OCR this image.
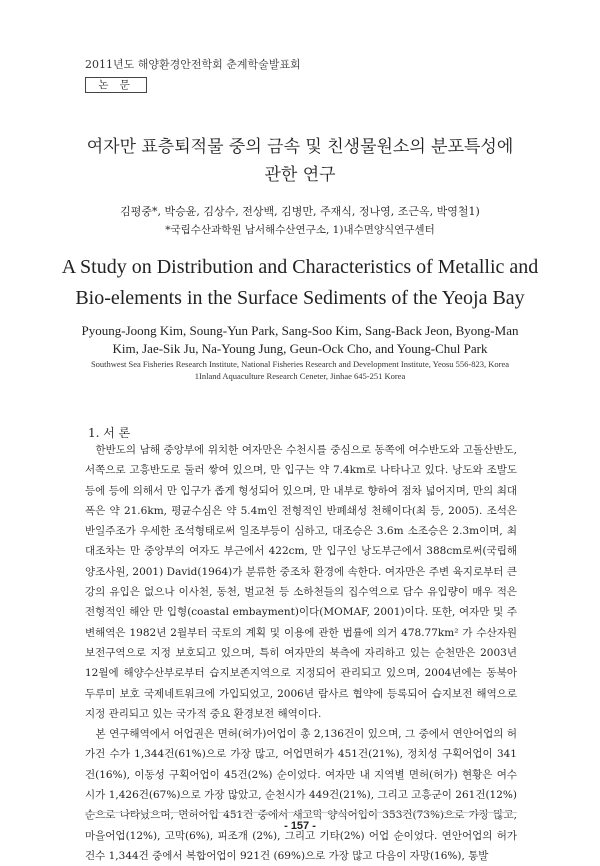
2011년도 해양환경안전학회 춘계학술발표회
논 문
여자만 표층퇴적물 중의 금속 및 친생물원소의 분포특성에
관한 연구
김평중*, 박승윤, 김상수, 전상백, 김병만, 주재식, 정나영, 조근옥, 박영철1)
*국립수산과학원 남서해수산연구소, 1)내수면양식연구센터
A Study on Distribution and Characteristics of Metallic and
Bio-elements in the Surface Sediments of the Yeoja Bay
Pyoung-Joong Kim, Soung-Yun Park, Sang-Soo Kim, Sang-Back Jeon, Byong-Man
Kim, Jae-Sik Ju, Na-Young Jung, Geun-Ock Cho, and Young-Chul Park
Southwest Sea Fisheries Research Institute, National Fisheries Research and Development Institute, Yeosu 556-823, Korea
1Inland Aquaculture Research Ceneter, Jinhae 645-251 Korea
1. 서 론

한반도의 남해 중앙부에 위치한 여자만은 수천시를 중심으로 동쪽에 여수반도와 고돌산반도, 서쪽으로 고흥반도로 둘러 쌓여 있으며, 만 입구는 약 7.4km로 나타나고 있다. 낭도와 조발도 등에 등에 의해서 만 입구가 좁게 형성되어 있으며, 만 내부로 향하여 점차 넓어지며, 만의 최대폭은 약 21.6km, 평균수심은 약 5.4m인 전형적인 반폐쇄성 천해이다(최 등, 2005). 조석은 반일주조가 우세한 조석형태로써 일조부등이 심하고, 대조승은 3.6m 소조승은 2.3m이며, 최대조차는 만 중앙부의 여자도 부근에서 422cm, 만 입구인 낭도부근에서 388cm로써(국립해양조사원, 2001) David(1964)가 분류한 중조차 환경에 속한다. 여자만은 주변 육지로부터 큰 강의 유입은 없으나 이사천, 동천, 벌교천 등 소하천들의 집수역으로 담수 유입량이 매우 적은 전형적인 해안 만 입형(coastal embayment)이다(MOMAF, 2001)이다. 또한, 여자만 및 주변해역은 1982년 2월부터 국토의 계획 및 이용에 관한 법률에 의거 478.77km² 가 수산자원보전구역으로 지정 보호되고 있으며, 특히 여자만의 북측에 자리하고 있는 순천만은 2003년 12월에 해양수산부로부터 습지보존지역으로 지정되어 관리되고 있으며, 2004년에는 동북아 두루미 보호 국제네트워크에 가입되었고, 2006년 람사르 협약에 등록되어 습지보전 해역으로 지정 관리되고 있는 국가적 중요 환경보전 해역이다.

본 연구해역에서 어업권은 면허(허가)어업이 총 2,136건이 있으며, 그 중에서 연안어업의 허가건 수가 1,344건(61%)으로 가장 많고, 어업면허가 451건(21%), 정치성 구획어업이 341건(16%), 이동성 구획어업이 45건(2%) 순이었다. 여자만 내 지역별 면허(허가) 현황은 여수시가 1,426건(67%)으로 가장 많았고, 순천시가 449건(21%), 그리고 고흥군이 261건(12%) 순으로 나타났으며, 면허어업 451건 중에서 새고막 양식어업이 353건(73%)으로 가장 많고, 마을어업(12%), 고막(6%), 피조개 (2%), 그리고 기타(2%) 어업 순이었다. 연안어업의 허가건수 1,344건 중에서 복합어업이 921건 (69%)으로 가장 많고 다음이 자망(16%), 통발

- 157 -
